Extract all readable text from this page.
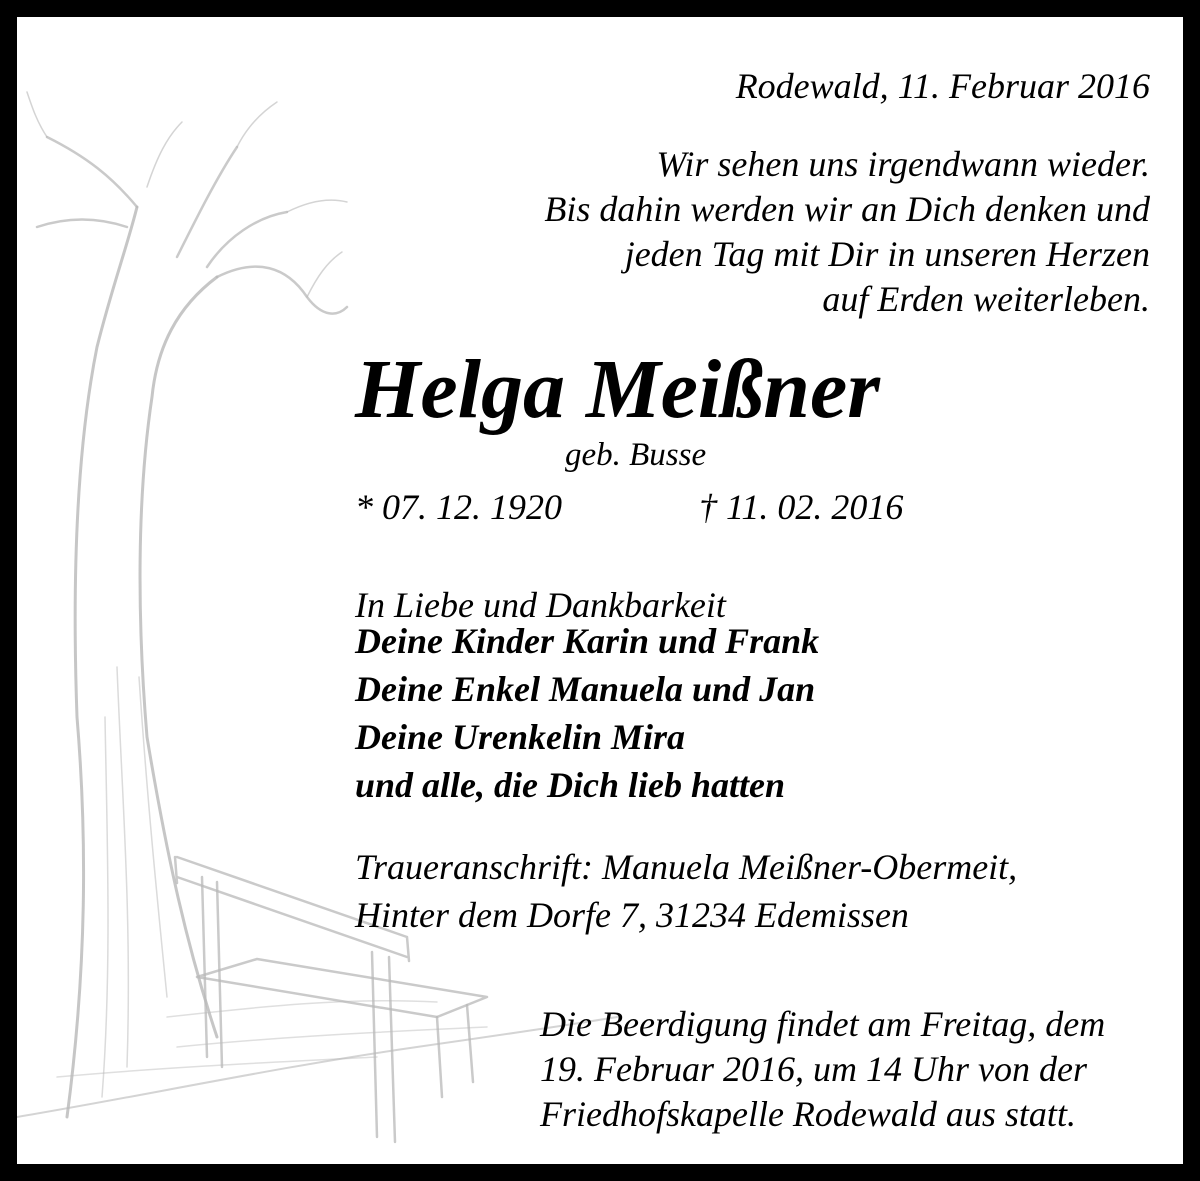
Rodewald, 11. Februar 2016

Wir sehen uns irgendwann wieder.
Bis dahin werden wir an Dich denken und
jeden Tag mit Dir in unseren Herzen
auf Erden weiterleben.
Helga Meißner

geb. Busse

* 07. 12. 1920	† 11. 02. 2016

In Liebe und Dankbarkeit

Deine Kinder Karin und Frank
Deine Enkel Manuela und Jan
Deine Urenkelin Mira
und alle, die Dich lieb hatten
Traueranschrift: Manuela Meißner-Obermeit,
Hinter dem Dorfe 7, 31234 Edemissen
Die Beerdigung findet am Freitag, dem
19. Februar 2016, um 14 Uhr von der
Friedhofskapelle Rodewald aus statt.
